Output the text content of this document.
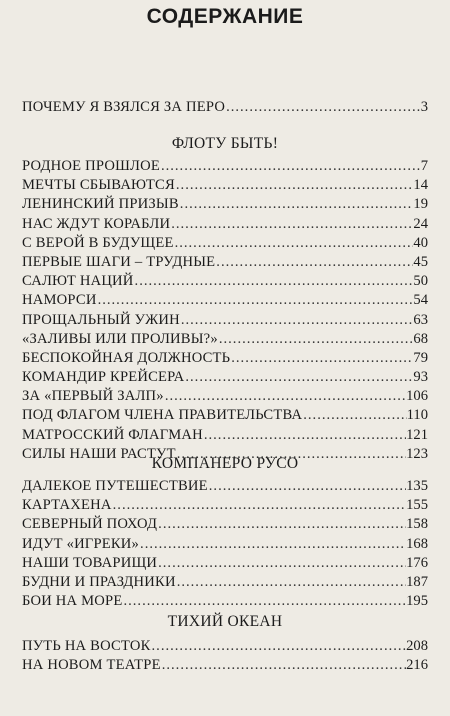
СОДЕРЖАНИЕ
ПОЧЕМУ Я ВЗЯЛСЯ ЗА ПЕРО .....	3
ФЛОТУ БЫТЬ!
РОДНОЕ ПРОШЛОЕ .....	7
МЕЧТЫ СБЫВАЮТСЯ .....	14
ЛЕНИНСКИЙ ПРИЗЫВ .....	19
НАС ЖДУТ КОРАБЛИ .....	24
С ВЕРОЙ В БУДУЩЕЕ .....	40
ПЕРВЫЕ ШАГИ – ТРУДНЫЕ .....	45
САЛЮТ НАЦИЙ .....	50
НАМОРСИ .....	54
ПРОЩАЛЬНЫЙ УЖИН .....	63
«ЗАЛИВЫ ИЛИ ПРОЛИВЫ?» .....	68
БЕСПОКОЙНАЯ ДОЛЖНОСТЬ .....	79
КОМАНДИР КРЕЙСЕРА .....	93
ЗА «ПЕРВЫЙ ЗАЛП» .....	106
ПОД ФЛАГОМ ЧЛЕНА ПРАВИТЕЛЬСТВА .....	110
МАТРОССКИЙ ФЛАГМАН .....	121
СИЛЫ НАШИ РАСТУТ .....	123
КОМПАНЕРО РУСО
ДАЛЕКОЕ ПУТЕШЕСТВИЕ .....	135
КАРТАХЕНА .....	155
СЕВЕРНЫЙ ПОХОД .....	158
ИДУТ «ИГРЕКИ» .....	168
НАШИ ТОВАРИЩИ .....	176
БУДНИ И ПРАЗДНИКИ .....	187
БОИ НА МОРЕ .....	195
ТИХИЙ ОКЕАН
ПУТЬ НА ВОСТОК .....	208
НА НОВОМ ТЕАТРЕ .....	216
